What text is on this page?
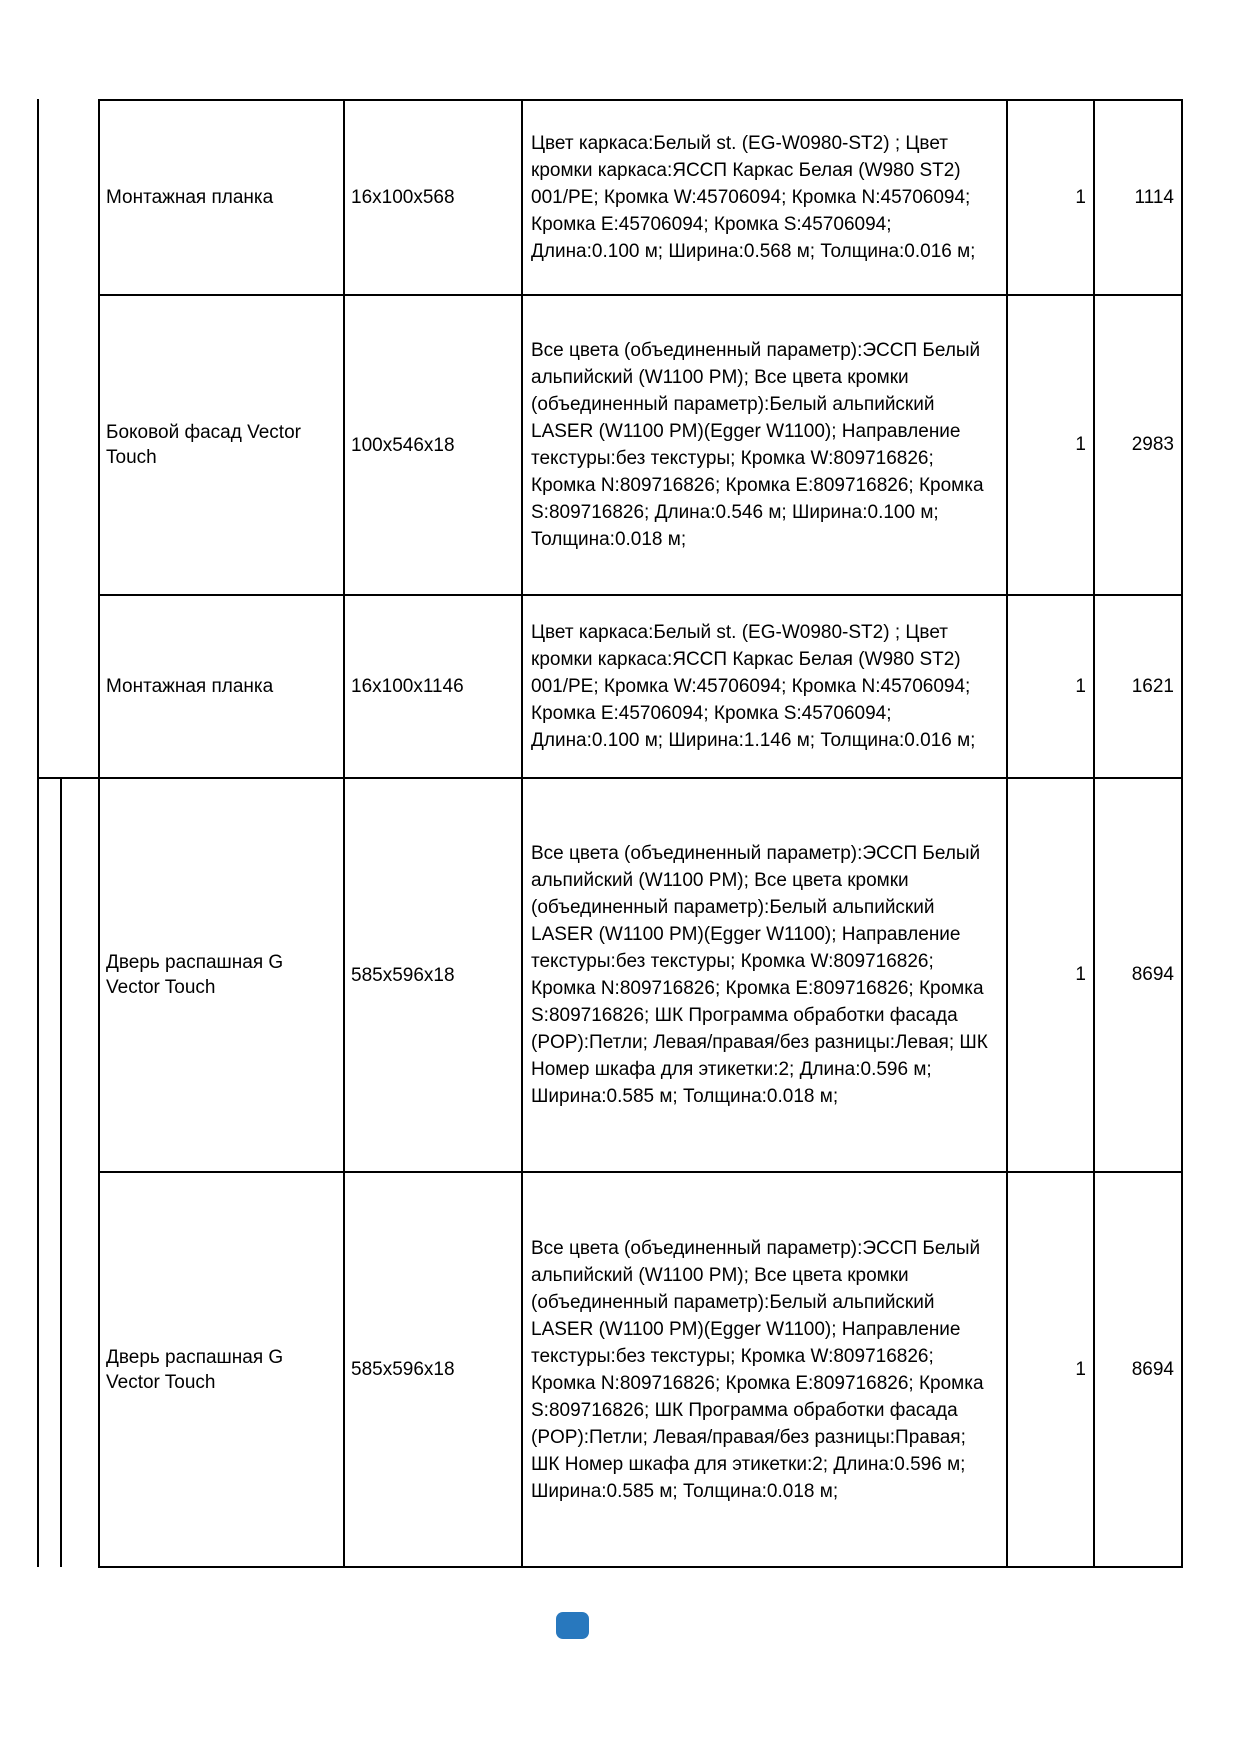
Монтажная планка	16x100x568	Цвет каркаса:Белый st. (EG-W0980-ST2) ; Цвет кромки каркаса:ЯССП Каркас Белая (W980 ST2) 001/PE; Кромка W:45706094; Кромка N:45706094; Кромка E:45706094; Кромка S:45706094; Длина:0.100 м; Ширина:0.568 м; Толщина:0.016 м;	1	1114
Боковой фасад Vector Touch	100x546x18	Все цвета (объединенный параметр):ЭССП Белый альпийский (W1100 PM); Все цвета кромки (объединенный параметр):Белый альпийский LASER (W1100 PM)(Egger W1100); Направление текстуры:без текстуры; Кромка W:809716826; Кромка N:809716826; Кромка E:809716826; Кромка S:809716826; Длина:0.546 м; Ширина:0.100 м; Толщина:0.018 м;	1	2983
Монтажная планка	16x100x1146	Цвет каркаса:Белый st. (EG-W0980-ST2) ; Цвет кромки каркаса:ЯССП Каркас Белая (W980 ST2) 001/PE; Кромка W:45706094; Кромка N:45706094; Кромка E:45706094; Кромка S:45706094; Длина:0.100 м; Ширина:1.146 м; Толщина:0.016 м;	1	1621
Дверь распашная G Vector Touch	585x596x18	Все цвета (объединенный параметр):ЭССП Белый альпийский (W1100 PM); Все цвета кромки (объединенный параметр):Белый альпийский LASER (W1100 PM)(Egger W1100); Направление текстуры:без текстуры; Кромка W:809716826; Кромка N:809716826; Кромка E:809716826; Кромка S:809716826; ШК Программа обработки фасада (POP):Петли; Левая/правая/без разницы:Левая; ШК Номер шкафа для этикетки:2; Длина:0.596 м; Ширина:0.585 м; Толщина:0.018 м;	1	8694
Дверь распашная G Vector Touch	585x596x18	Все цвета (объединенный параметр):ЭССП Белый альпийский (W1100 PM); Все цвета кромки (объединенный параметр):Белый альпийский LASER (W1100 PM)(Egger W1100); Направление текстуры:без текстуры; Кромка W:809716826; Кромка N:809716826; Кромка E:809716826; Кромка S:809716826; ШК Программа обработки фасада (POP):Петли; Левая/правая/без разницы:Правая; ШК Номер шкафа для этикетки:2; Длина:0.596 м; Ширина:0.585 м; Толщина:0.018 м;	1	8694
